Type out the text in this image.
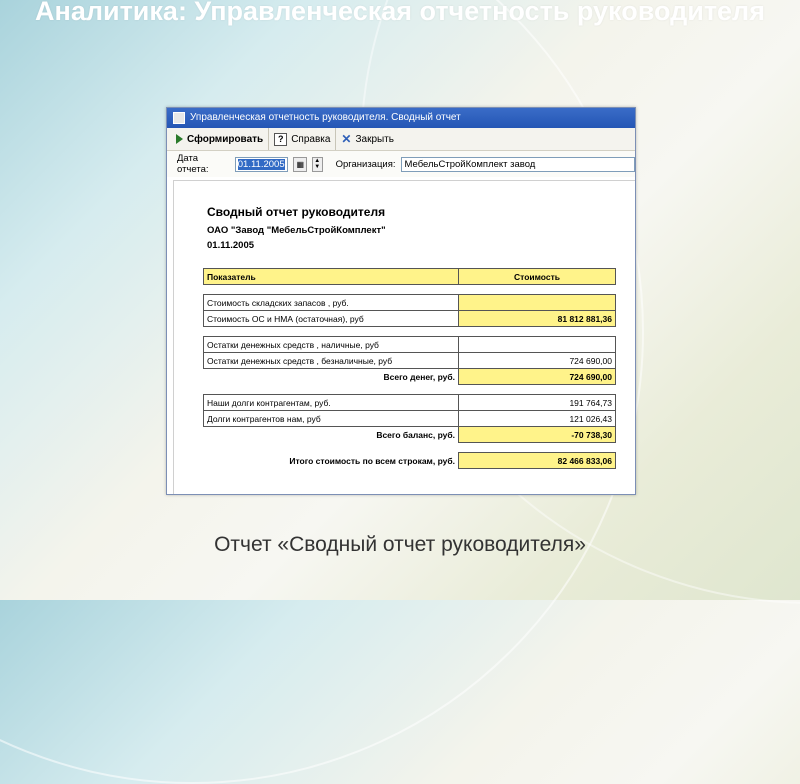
Аналитика: Управленческая отчетность руководителя
Управленческая отчетность руководителя. Сводный отчет
Сформировать	? Справка ✕ Закрыть
Дата отчета:	01.11.2005	▦	▲
▼ Организация: МебельСтройКомплект завод
Сводный отчет руководителя
ОАО "Завод "МебельСтройКомплект"
01.11.2005
Показатель	Стоимость

Стоимость складских запасов , руб.	
Стоимость ОС и НМА (остаточная), руб	81 812 881,36

Остатки денежных средств , наличные, руб	
Остатки денежных средств , безналичные, руб	724 690,00
Всего денег, руб.	724 690,00

Наши долги контрагентам, руб.	191 764,73
Долги контрагентов нам, руб	121 026,43
Всего баланс, руб.	-70 738,30

Итого стоимость по всем строкам, руб.	82 466 833,06
Отчет «Сводный отчет руководителя»
